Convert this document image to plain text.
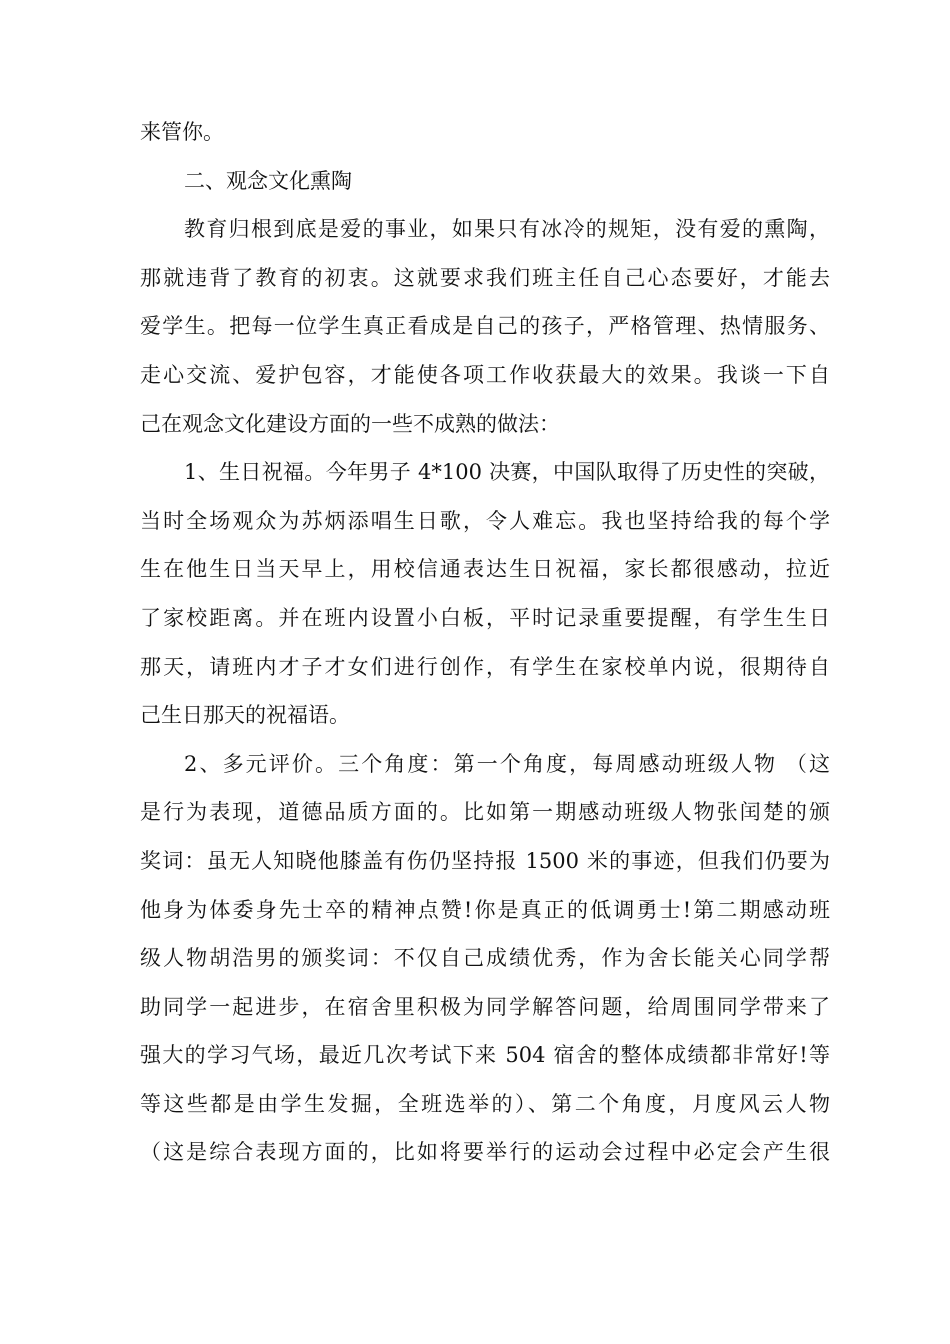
来管你。
二、观念文化熏陶
教育归根到底是爱的事业，如果只有冰冷的规矩，没有爱的熏陶，
那就违背了教育的初衷。这就要求我们班主任自己心态要好，才能去
爱学生。把每一位学生真正看成是自己的孩子，严格管理、热情服务、
走心交流、爱护包容，才能使各项工作收获最大的效果。我谈一下自
己在观念文化建设方面的一些不成熟的做法：
1、生日祝福。今年男子 4*100 决赛，中国队取得了历史性的突破，
当时全场观众为苏炳添唱生日歌，令人难忘。我也坚持给我的每个学
生在他生日当天早上，用校信通表达生日祝福，家长都很感动，拉近
了家校距离。并在班内设置小白板，平时记录重要提醒，有学生生日
那天，请班内才子才女们进行创作，有学生在家校单内说，很期待自
己生日那天的祝福语。
2、多元评价。三个角度：第一个角度，每周感动班级人物 （这
是行为表现，道德品质方面的。比如第一期感动班级人物张闰楚的颁
奖词：虽无人知晓他膝盖有伤仍坚持报 1500 米的事迹，但我们仍要为
他身为体委身先士卒的精神点赞!你是真正的低调勇士!第二期感动班
级人物胡浩男的颁奖词：不仅自己成绩优秀，作为舍长能关心同学帮
助同学一起进步，在宿舍里积极为同学解答问题，给周围同学带来了
强大的学习气场，最近几次考试下来 504 宿舍的整体成绩都非常好!等
等这些都是由学生发掘，全班选举的）、第二个角度，月度风云人物
（这是综合表现方面的，比如将要举行的运动会过程中必定会产生很
